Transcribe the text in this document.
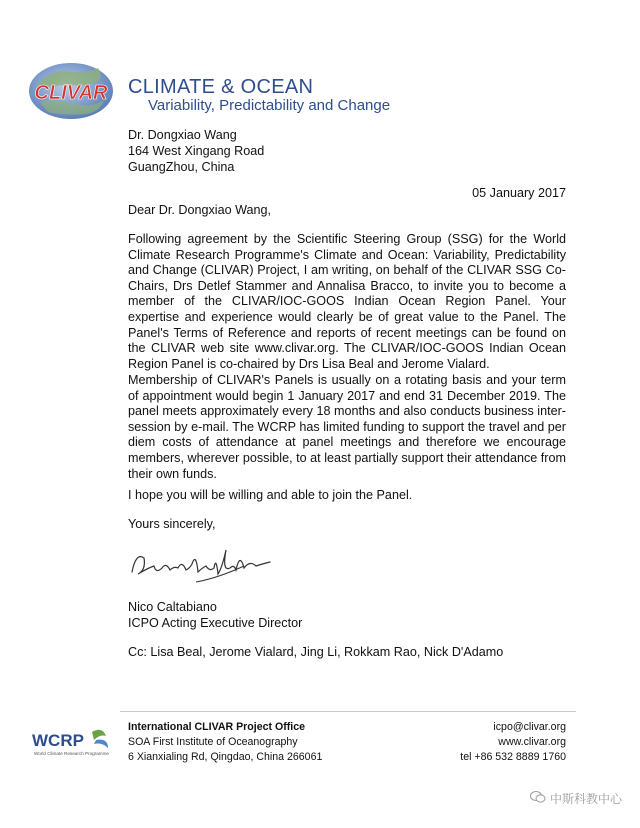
CLIVAR CLIMATE & OCEAN
Variability, Predictability and Change
Dr. Dongxiao Wang
164 West Xingang Road
GuangZhou, China
05 January 2017
Dear Dr. Dongxiao Wang,

Following agreement by the Scientific Steering Group (SSG) for the World Climate Research Programme's Climate and Ocean: Variability, Predictability and Change (CLIVAR) Project, I am writing, on behalf of the CLIVAR SSG Co-Chairs, Drs Detlef Stammer and Annalisa Bracco, to invite you to become a member of the CLIVAR/IOC-GOOS Indian Ocean Region Panel. Your expertise and experience would clearly be of great value to the Panel. The Panel's Terms of Reference and reports of recent meetings can be found on the CLIVAR web site www.clivar.org. The CLIVAR/IOC-GOOS Indian Ocean Region Panel is co-chaired by Drs Lisa Beal and Jerome Vialard.

Membership of CLIVAR's Panels is usually on a rotating basis and your term of appointment would begin 1 January 2017 and end 31 December 2019. The panel meets approximately every 18 months and also conducts business inter-session by e-mail. The WCRP has limited funding to support the travel and per diem costs of attendance at panel meetings and therefore we encourage members, wherever possible, to at least partially support their attendance from their own funds.

I hope you will be willing and able to join the Panel.

Yours sincerely,
Nico Caltabiano
ICPO Acting Executive Director
Cc: Lisa Beal, Jerome Vialard, Jing Li, Rokkam Rao, Nick D'Adamo
WCRP
World Climate Research Programme
International CLIVAR Project Office
SOA First Institute of Oceanography
6 Xianxialing Rd, Qingdao, China 266061
icpo@clivar.org
www.clivar.org
tel +86 532 8889 1760
中斯科教中心
